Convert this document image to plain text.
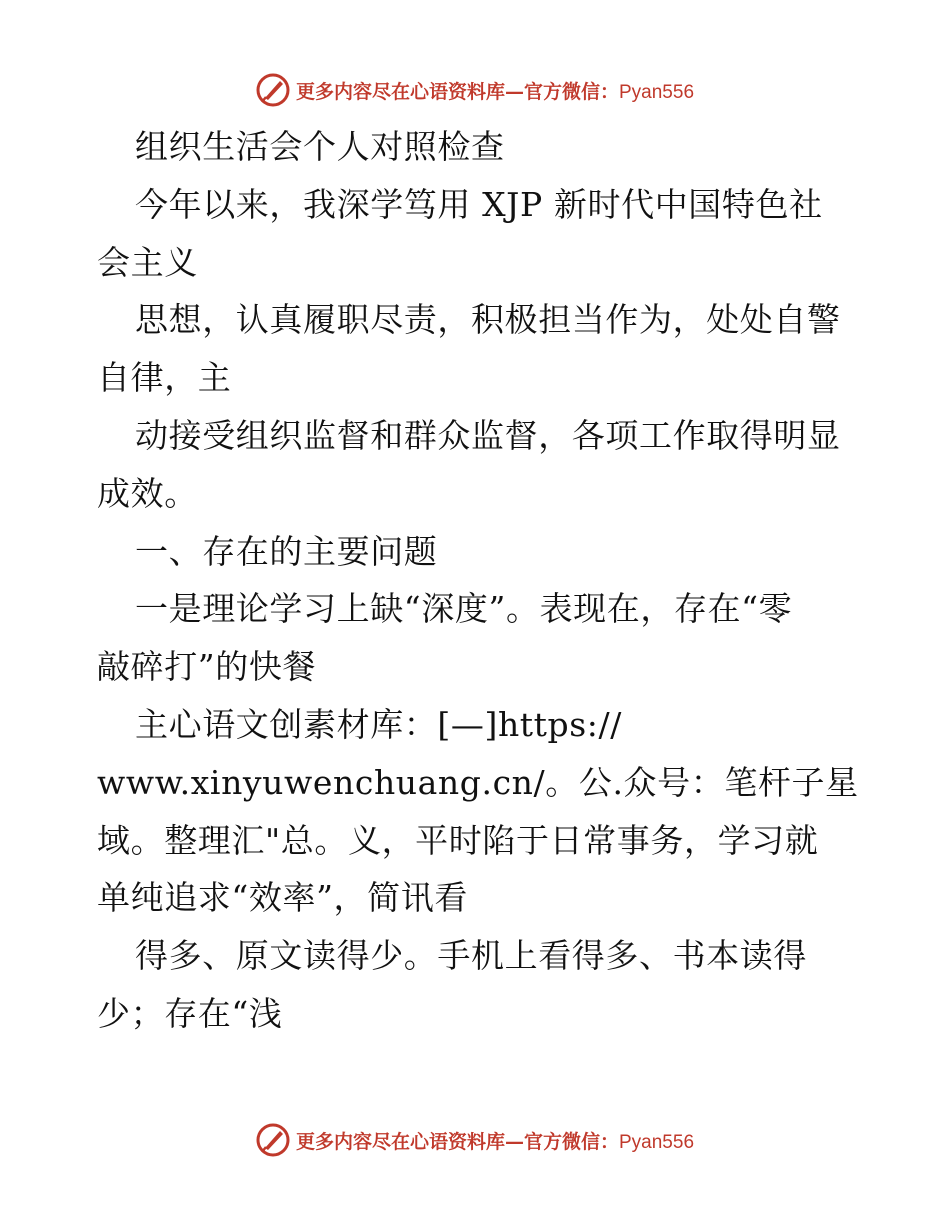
更多内容尽在心语资料库—官方微信：Pyan556
组织生活会个人对照检查
今年以来，我深学笃用 XJP 新时代中国特色社
会主义
思想，认真履职尽责，积极担当作为，处处自警
自律，主
动接受组织监督和群众监督，各项工作取得明显
成效。
一、存在的主要问题
一是理论学习上缺“深度”。表现在，存在“零
敲碎打”的快餐
主心语文创素材库：[—]https://
www.xinyuwenchuang.cn/。公.众号：笔杆子星
域。整理汇"总。义，平时陷于日常事务，学习就
单纯追求“效率”，简讯看
得多、原文读得少。手机上看得多、书本读得
少；存在“浅
更多内容尽在心语资料库—官方微信：Pyan556
